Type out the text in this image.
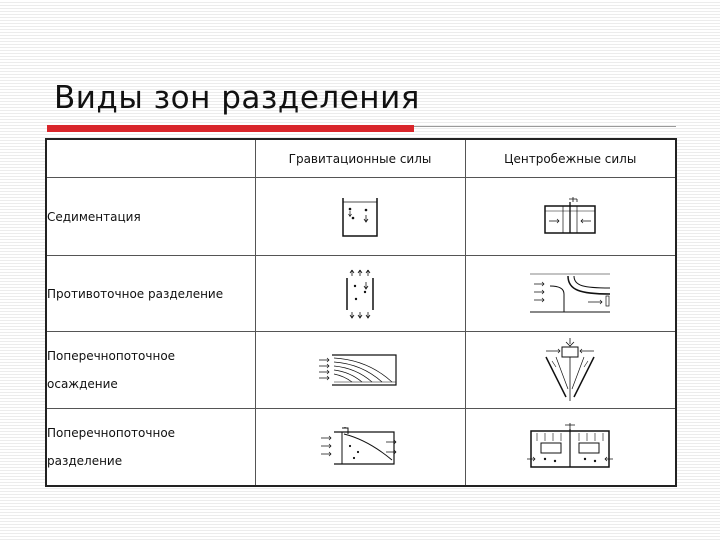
Виды зон разделения
	Гравитационные силы	Центробежные силы
Седиментация	

Противоточное разделение	

Поперечнопоточное
осаждение

Поперечнопоточное
разделение
